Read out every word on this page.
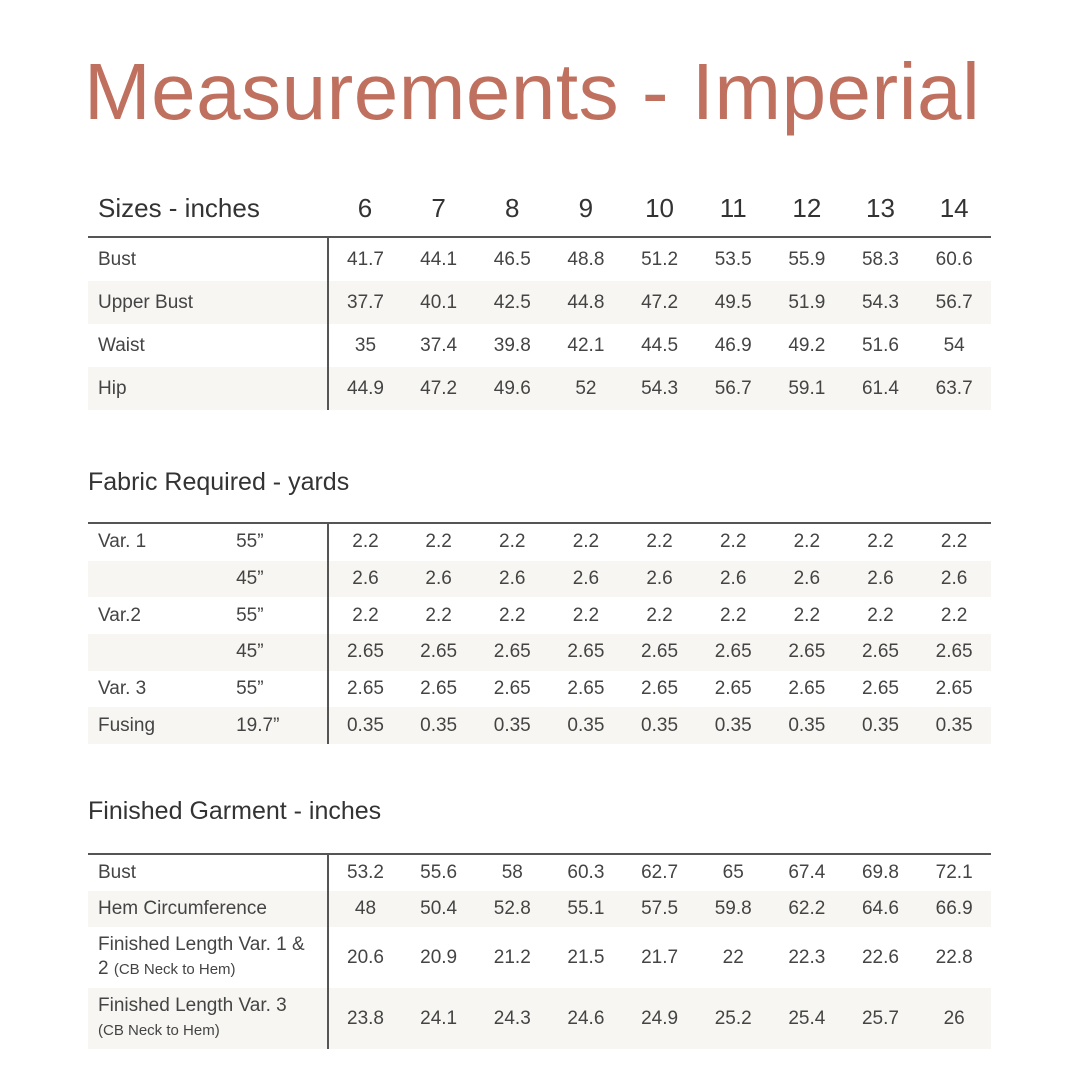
Measurements - Imperial
Sizes - inches	6	7	8	9	10	11	12	13	14
Bust	41.7	44.1	46.5	48.8	51.2	53.5	55.9	58.3	60.6
Upper Bust	37.7	40.1	42.5	44.8	47.2	49.5	51.9	54.3	56.7
Waist	35	37.4	39.8	42.1	44.5	46.9	49.2	51.6	54
Hip	44.9	47.2	49.6	52	54.3	56.7	59.1	61.4	63.7
Fabric Required - yards
Var. 1	55”	2.2	2.2	2.2	2.2	2.2	2.2	2.2	2.2	2.2
	45”	2.6	2.6	2.6	2.6	2.6	2.6	2.6	2.6	2.6
Var.2	55”	2.2	2.2	2.2	2.2	2.2	2.2	2.2	2.2	2.2
	45”	2.65	2.65	2.65	2.65	2.65	2.65	2.65	2.65	2.65
Var. 3	55”	2.65	2.65	2.65	2.65	2.65	2.65	2.65	2.65	2.65
Fusing	19.7”	0.35	0.35	0.35	0.35	0.35	0.35	0.35	0.35	0.35
Finished Garment - inches
Bust	53.2	55.6	58	60.3	62.7	65	67.4	69.8	72.1
Hem Circumference	48	50.4	52.8	55.1	57.5	59.8	62.2	64.6	66.9
Finished Length Var. 1 &
2 (CB Neck to Hem)	20.6	20.9	21.2	21.5	21.7	22	22.3	22.6	22.8
Finished Length Var. 3
(CB Neck to Hem)	23.8	24.1	24.3	24.6	24.9	25.2	25.4	25.7	26
